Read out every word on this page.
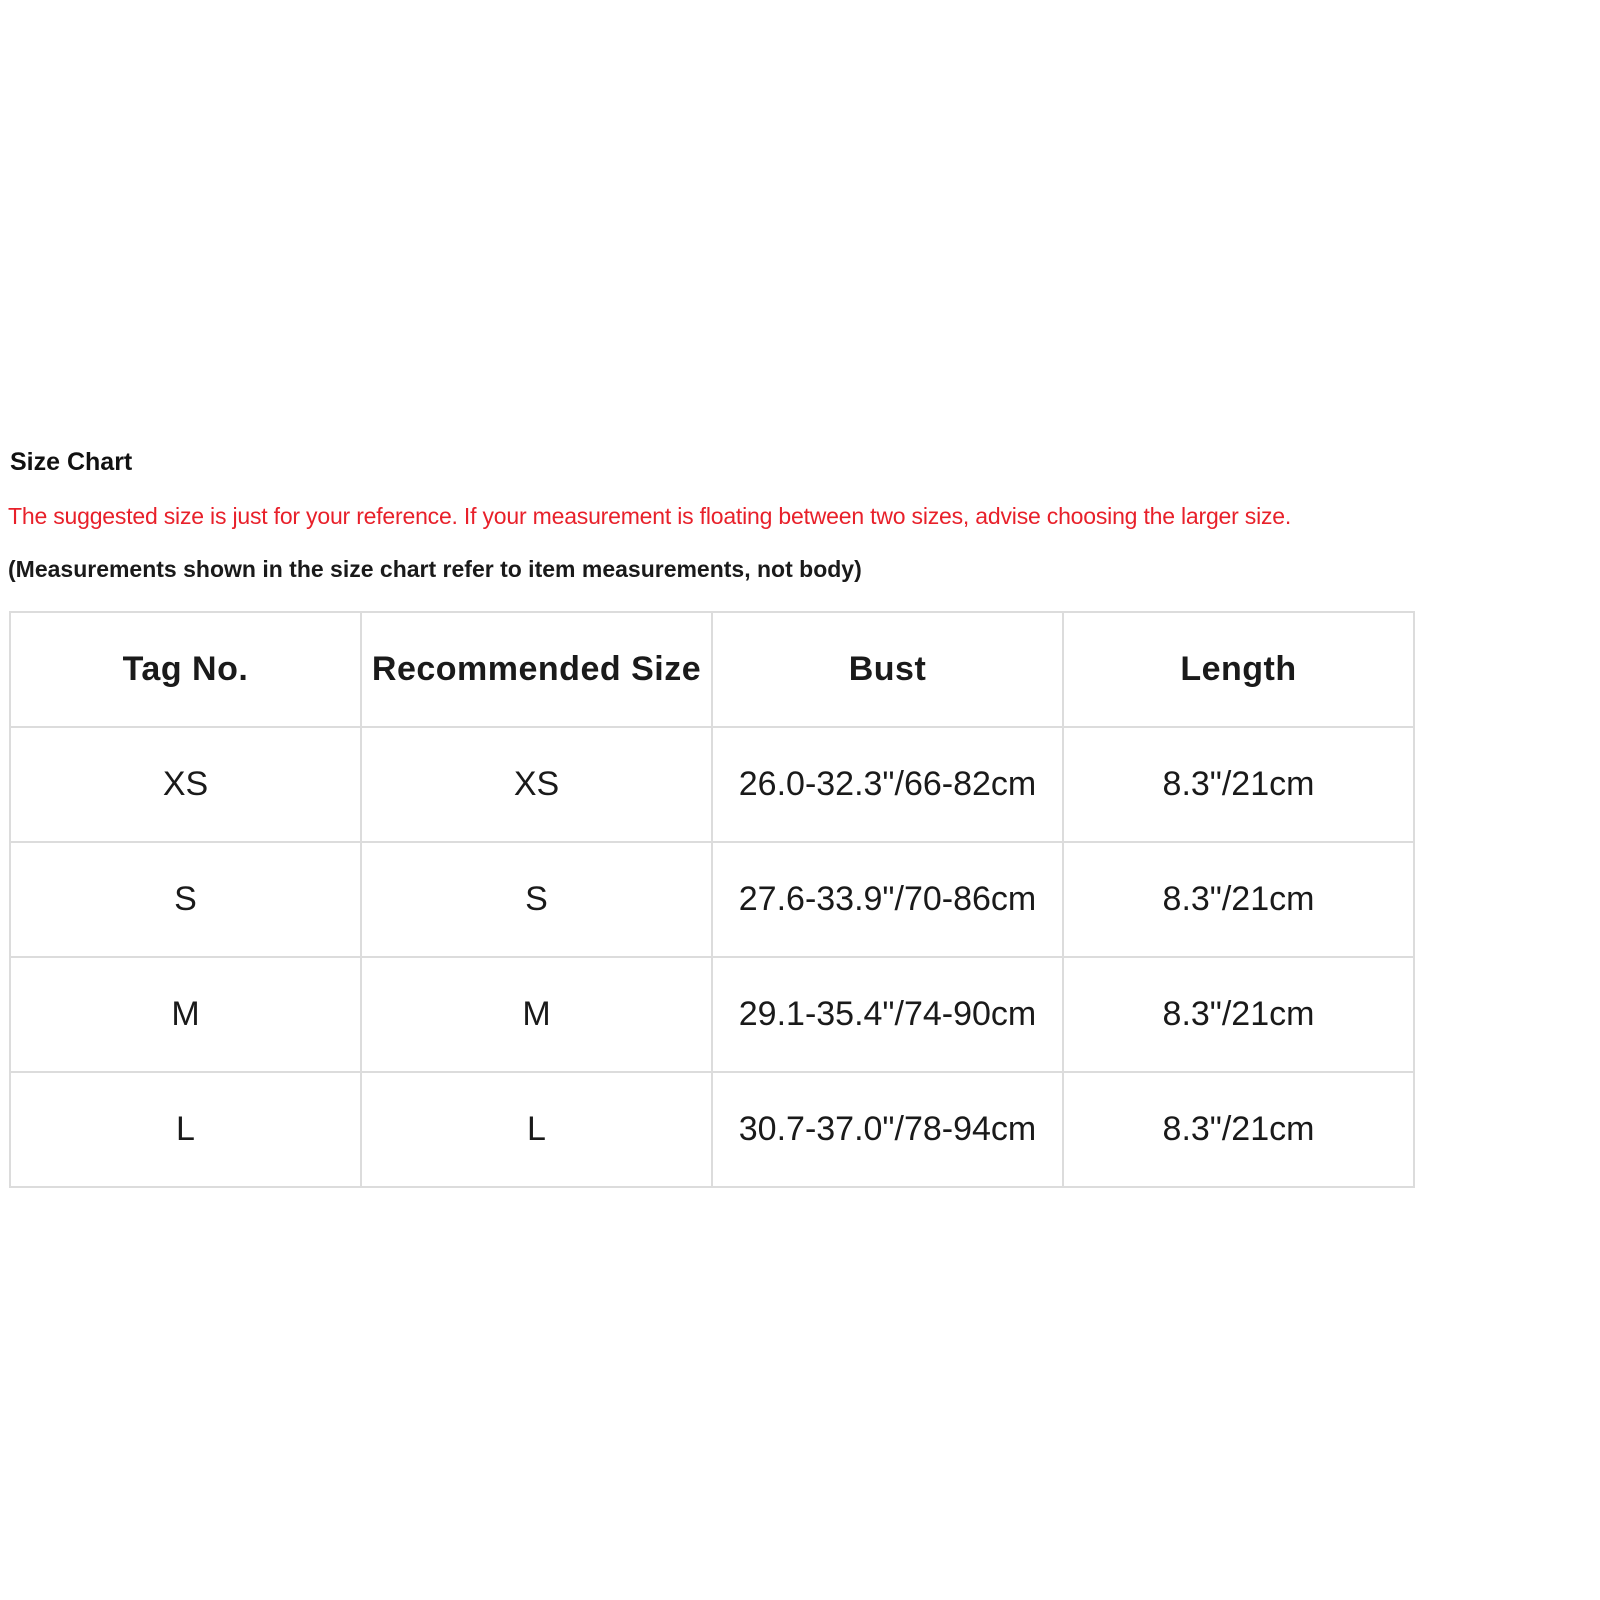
Size Chart
The suggested size is just for your reference. If your measurement is floating between two sizes, advise choosing the larger size.
(Measurements shown in the size chart refer to item measurements, not body)
Tag No.	Recommended Size	Bust	Length
XS	XS	26.0-32.3"/66-82cm	8.3"/21cm
S	S	27.6-33.9"/70-86cm	8.3"/21cm
M	M	29.1-35.4"/74-90cm	8.3"/21cm
L	L	30.7-37.0"/78-94cm	8.3"/21cm
